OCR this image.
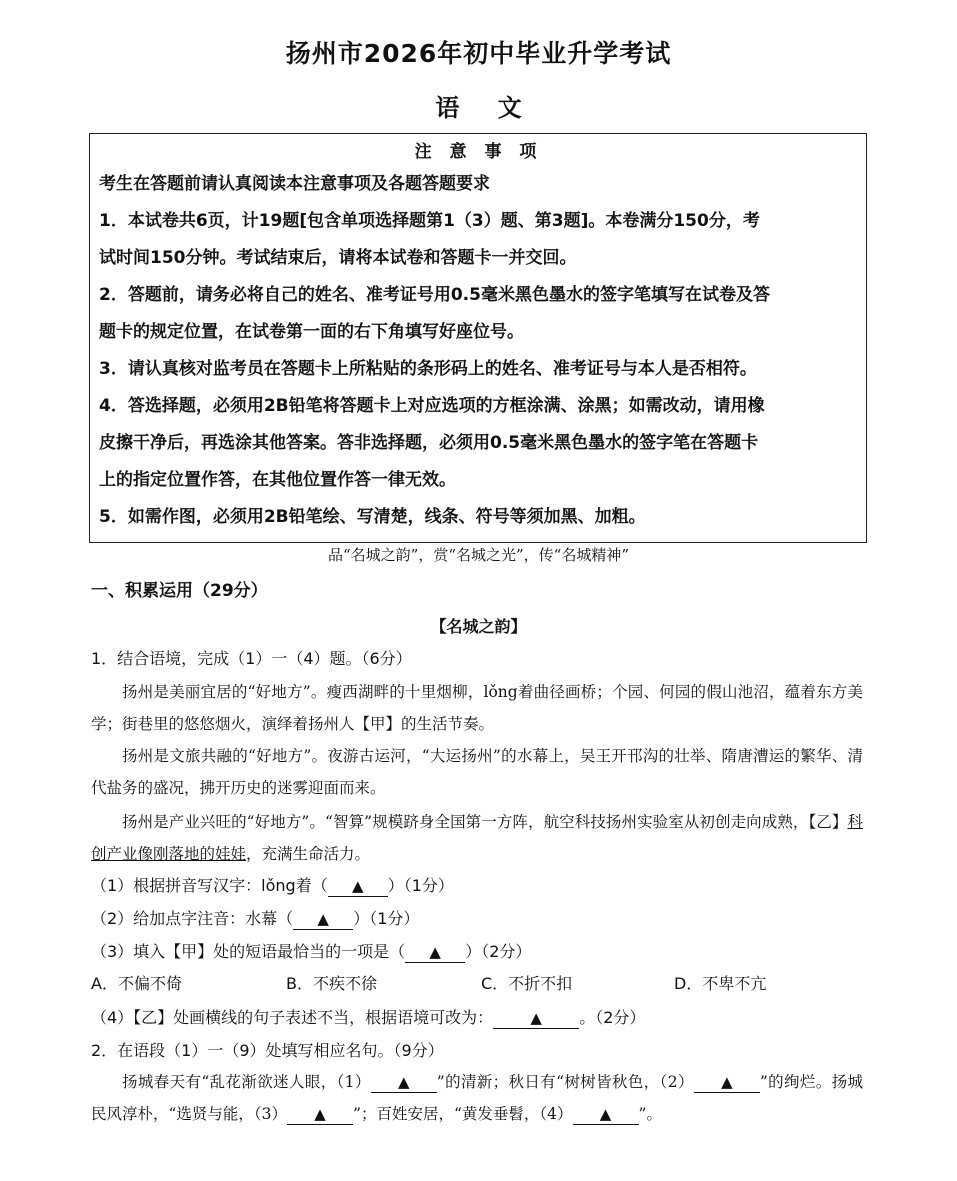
扬州市2026年初中毕业升学考试
语 文
注 意 事 项
考生在答题前请认真阅读本注意事项及各题答题要求
1．本试卷共6页，计19题[包含单项选择题第1（3）题、第3题]。本卷满分150分，考
试时间150分钟。考试结束后，请将本试卷和答题卡一并交回。
2．答题前，请务必将自己的姓名、准考证号用0.5毫米黑色墨水的签字笔填写在试卷及答
题卡的规定位置，在试卷第一面的右下角填写好座位号。
3．请认真核对监考员在答题卡上所粘贴的条形码上的姓名、准考证号与本人是否相符。
4．答选择题，必须用2B铅笔将答题卡上对应选项的方框涂满、涂黑；如需改动，请用橡
皮擦干净后，再选涂其他答案。答非选择题，必须用0.5毫米黑色墨水的签字笔在答题卡
上的指定位置作答，在其他位置作答一律无效。
5．如需作图，必须用2B铅笔绘、写清楚，线条、符号等须加黑、加粗。
品“名城之韵”，赏“名城之光”，传“名城精神”
一、积累运用（29分）
【名城之韵】
1．结合语境，完成（1）一（4）题。（6分）
扬州是美丽宜居的“好地方”。瘦西湖畔的十里烟柳，lǒng着曲径画桥；个园、何园的假山池沼，蕴着东方美学；街巷里的悠悠烟火，演绎着扬州人【甲】的生活节奏。
扬州是文旅共融的“好地方”。夜游古运河，“大运扬州”的水幕上，吴王开邗沟的壮举、隋唐漕运的繁华、清代盐务的盛况，拂开历史的迷雾迎面而来。
扬州是产业兴旺的“好地方”。“智算”规模跻身全国第一方阵，航空科技扬州实验室从初创走向成熟，【乙】科创产业像刚落地的娃娃，充满生命活力。
（1）根据拼音写汉字：lǒng着（ ▲ ）（1分）
（2）给加点字注音：水幕（ ▲ ）（1分）
（3）填入【甲】处的短语最恰当的一项是（ ▲ ）（2分）
A．不偏不倚	B．不疾不徐	C．不折不扣	D．不卑不亢
（4）【乙】处画横线的句子表述不当，根据语境可改为： ▲ 。（2分）
2．在语段（1）一（9）处填写相应名句。（9分）
扬城春天有“乱花渐欲迷人眼，（1） ▲ ”的清新；秋日有“树树皆秋色，（2） ▲ ”的绚烂。扬城民风淳朴，“选贤与能，（3） ▲ ”；百姓安居，“黄发垂髫，（4） ▲ ”。
